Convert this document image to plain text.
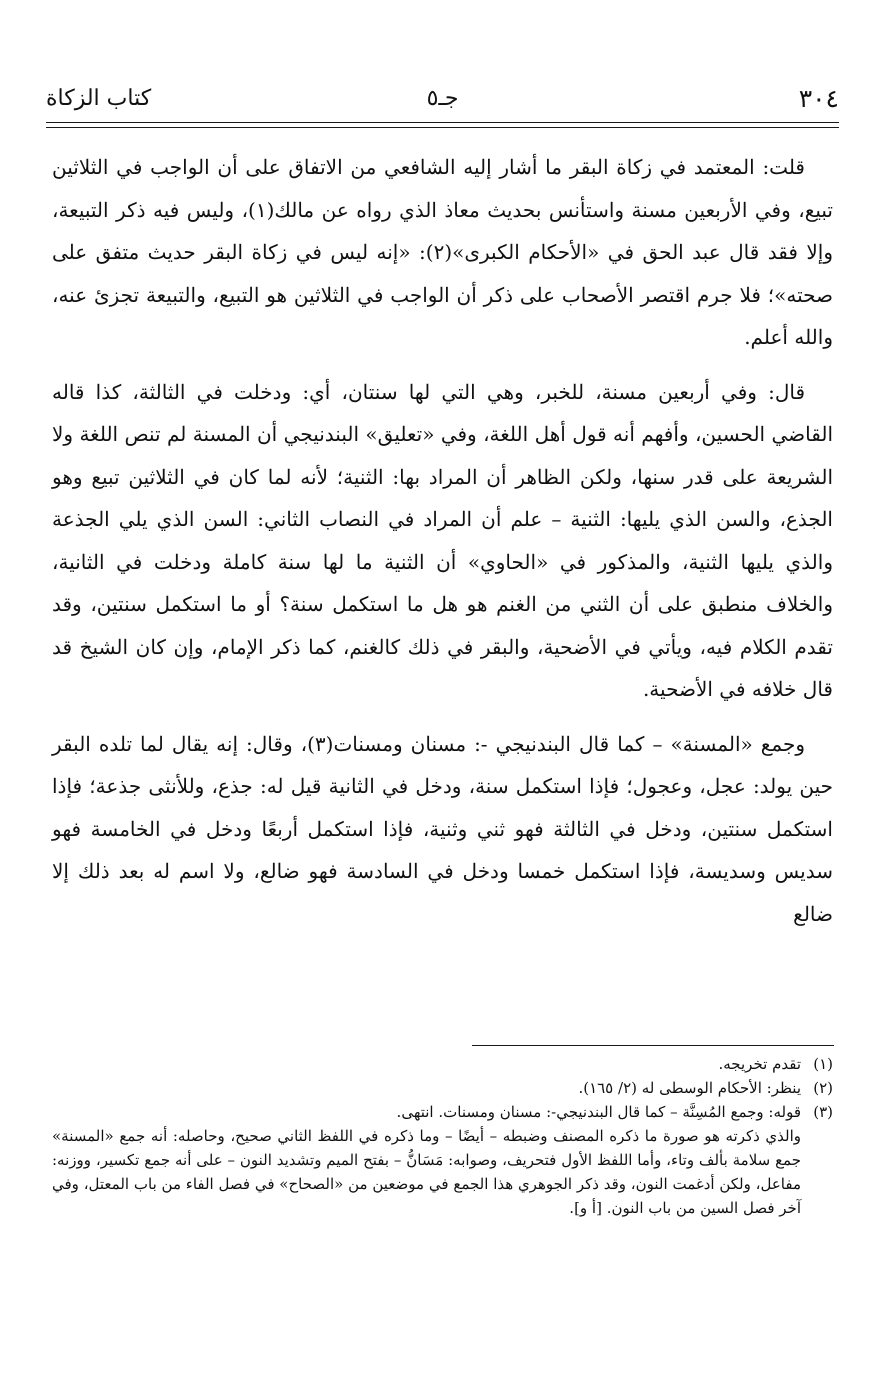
٣٠٤
جـ٥
كتاب الزكاة

قلت: المعتمد في زكاة البقر ما أشار إليه الشافعي من الاتفاق على أن الواجب في الثلاثين تبيع، وفي الأربعين مسنة واستأنس بحديث معاذ الذي رواه عن مالك(١)، وليس فيه ذكر التبيعة، وإلا فقد قال عبد الحق في «الأحكام الكبرى»(٢): «إنه ليس في زكاة البقر حديث متفق على صحته»؛ فلا جرم اقتصر الأصحاب على ذكر أن الواجب في الثلاثين هو التبيع، والتبيعة تجزئ عنه، والله أعلم.

قال: وفي أربعين مسنة، للخبر، وهي التي لها سنتان، أي: ودخلت في الثالثة، كذا قاله القاضي الحسين، وأفهم أنه قول أهل اللغة، وفي «تعليق» البندنيجي أن المسنة لم تنص اللغة ولا الشريعة على قدر سنها، ولكن الظاهر أن المراد بها: الثنية؛ لأنه لما كان في الثلاثين تبيع وهو الجذع، والسن الذي يليها: الثنية – علم أن المراد في النصاب الثاني: السن الذي يلي الجذعة والذي يليها الثنية، والمذكور في «الحاوي» أن الثنية ما لها سنة كاملة ودخلت في الثانية، والخلاف منطبق على أن الثني من الغنم هو هل ما استكمل سنة؟ أو ما استكمل سنتين، وقد تقدم الكلام فيه، ويأتي في الأضحية، والبقر في ذلك كالغنم، كما ذكر الإمام، وإن كان الشيخ قد قال خلافه في الأضحية.

وجمع «المسنة» – كما قال البندنيجي -: مسنان ومسنات(٣)، وقال: إنه يقال لما تلده البقر حين يولد: عجل، وعجول؛ فإذا استكمل سنة، ودخل في الثانية قيل له: جذع، وللأنثى جذعة؛ فإذا استكمل سنتين، ودخل في الثالثة فهو ثني وثنية، فإذا استكمل أربعًا ودخل في الخامسة فهو سديس وسديسة، فإذا استكمل خمسا ودخل في السادسة فهو ضالع، ولا اسم له بعد ذلك إلا ضالع

(١)تقدم تخريجه.

(٢)ينظر: الأحكام الوسطى له (٢/ ١٦٥).

(٣)قوله: وجمع المُسِنَّة – كما قال البندنيجي-: مسنان ومسنات. انتهى.

والذي ذكرته هو صورة ما ذكره المصنف وضبطه – أيضًا – وما ذكره في اللفظ الثاني صحيح، وحاصله: أنه جمع «المسنة» جمع سلامة بألف وتاء، وأما اللفظ الأول فتحريف، وصوابه: مَسَانُّ – بفتح الميم وتشديد النون – على أنه جمع تكسير، ووزنه: مفاعل، ولكن أدغمت النون، وقد ذكر الجوهري هذا الجمع في موضعين من «الصحاح» في فصل الفاء من باب المعتل، وفي آخر فصل السين من باب النون. [أ و].
